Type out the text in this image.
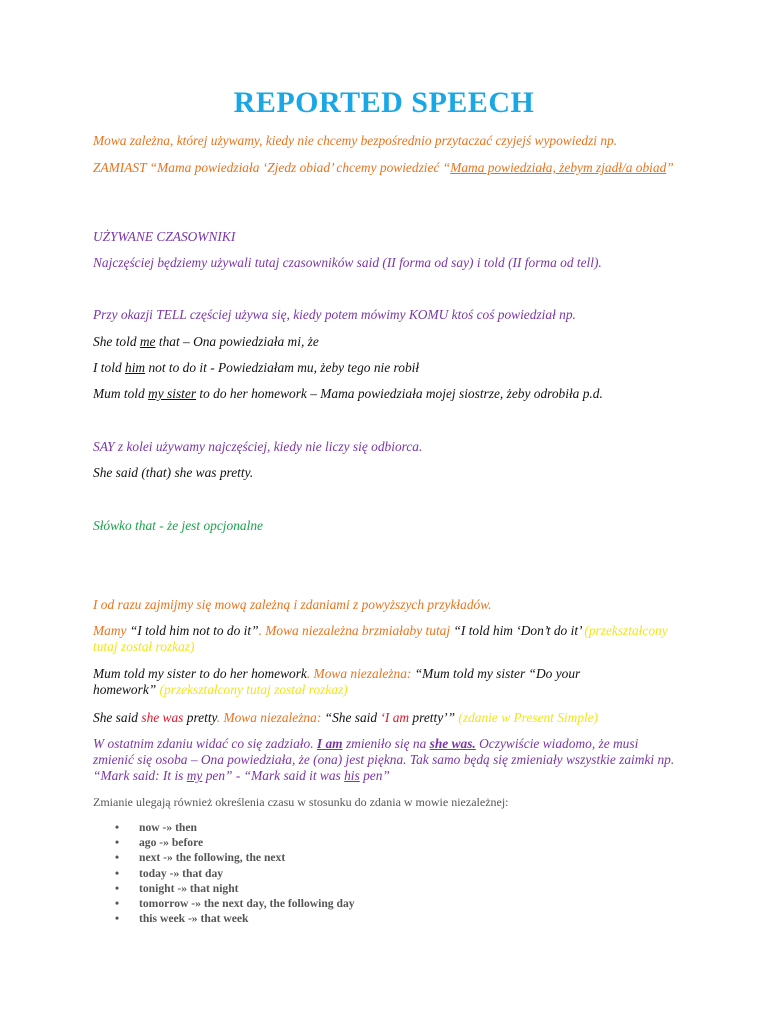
REPORTED SPEECH
Mowa zależna, której używamy, kiedy nie chcemy bezpośrednio przytaczać czyjejś wypowiedzi np.
ZAMIAST “Mama powiedziała ‘Zjedz obiad’ chcemy powiedzieć “Mama powiedziała, żebym zjadł/a obiad”
UŻYWANE CZASOWNIKI
Najczęściej będziemy używali tutaj czasowników said (II forma od say) i told (II forma od tell).
Przy okazji TELL częściej używa się, kiedy potem mówimy KOMU ktoś coś powiedział np.
She told me that – Ona powiedziała mi, że
I told him not to do it - Powiedziałam mu, żeby tego nie robił
Mum told my sister to do her homework – Mama powiedziała mojej siostrze, żeby odrobiła p.d.
SAY z kolei używamy najczęściej, kiedy nie liczy się odbiorca.
She said (that) she was pretty.
Słówko that - że jest opcjonalne
I od razu zajmijmy się mową zależną i zdaniami z powyższych przykładów.
Mamy “I told him not to do it”. Mowa niezależna brzmiałaby tutaj “I told him ‘Don’t do it’ (przekształcony tutaj został rozkaz)
Mum told my sister to do her homework. Mowa niezależna: “Mum told my sister “Do your homework” (przekształcony tutaj został rozkaz)
She said she was pretty. Mowa niezależna: “She said ‘I am pretty’” (zdanie w Present Simple)
W ostatnim zdaniu widać co się zadziało. I am zmieniło się na she was. Oczywiście wiadomo, że musi zmienić się osoba – Ona powiedziała, że (ona) jest piękna. Tak samo będą się zmieniały wszystkie zaimki np. “Mark said: It is my pen” - “Mark said it was his pen”
Zmianie ulegają również określenia czasu w stosunku do zdania w mowie niezależnej:
• now -» then
• ago -» before
• next -» the following, the next
• today -» that day
• tonight -» that night
• tomorrow -» the next day, the following day
• this week -» that week
